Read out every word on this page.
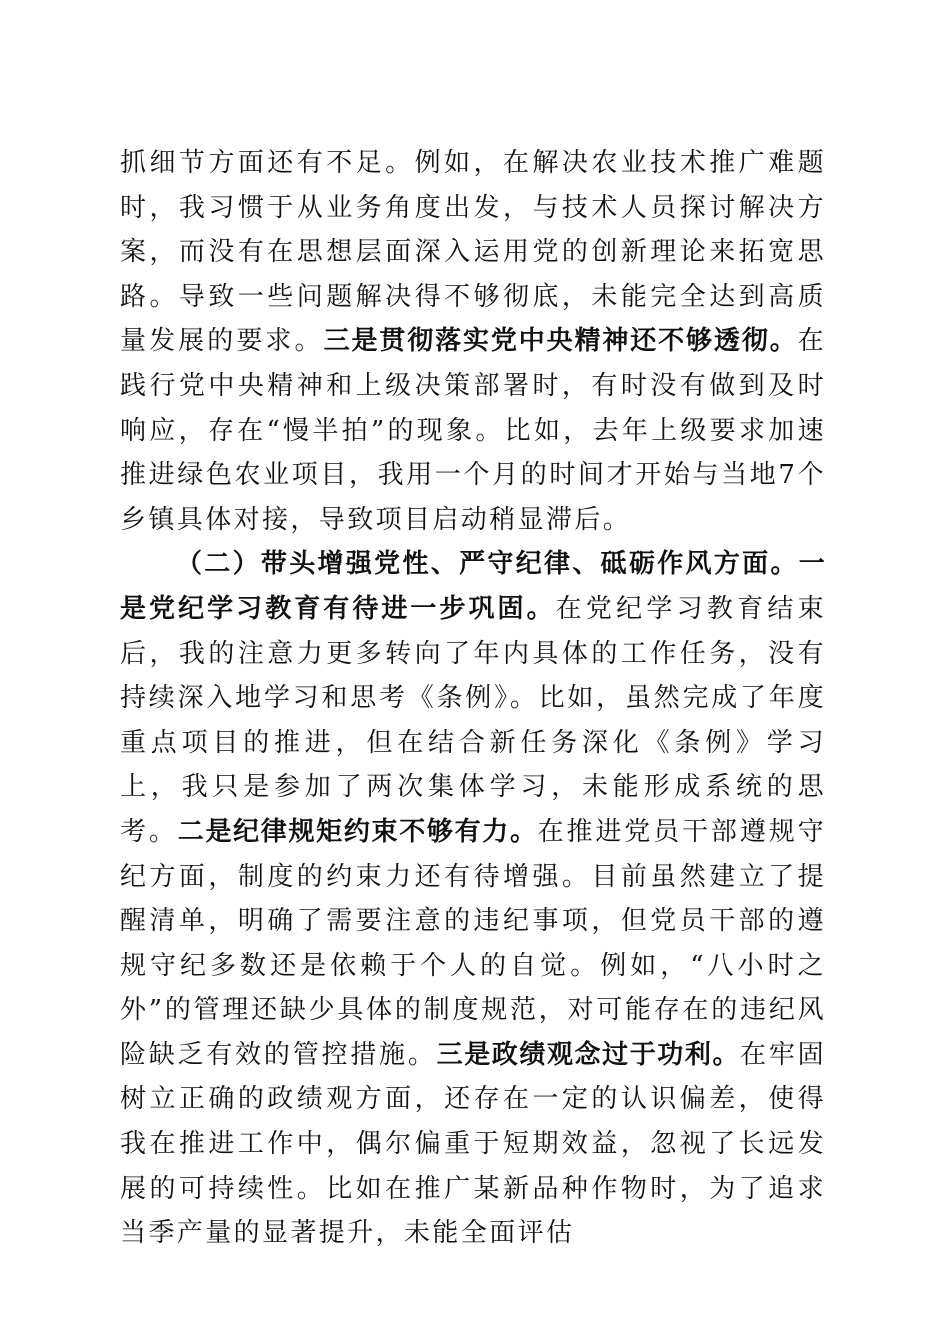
抓细节方面还有不足。例如，在解决农业技术推广难题时，我习惯于从业务角度出发，与技术人员探讨解决方案，而没有在思想层面深入运用党的创新理论来拓宽思路。导致一些问题解决得不够彻底，未能完全达到高质量发展的要求。三是贯彻落实党中央精神还不够透彻。在践行党中央精神和上级决策部署时，有时没有做到及时响应，存在“慢半拍”的现象。比如，去年上级要求加速推进绿色农业项目，我用一个月的时间才开始与当地7个乡镇具体对接，导致项目启动稍显滞后。

（二）带头增强党性、严守纪律、砥砺作风方面。一是党纪学习教育有待进一步巩固。在党纪学习教育结束后，我的注意力更多转向了年内具体的工作任务，没有持续深入地学习和思考《条例》。比如，虽然完成了年度重点项目的推进，但在结合新任务深化《条例》学习上，我只是参加了两次集体学习，未能形成系统的思考。二是纪律规矩约束不够有力。在推进党员干部遵规守纪方面，制度的约束力还有待增强。目前虽然建立了提醒清单，明确了需要注意的违纪事项，但党员干部的遵规守纪多数还是依赖于个人的自觉。例如，“八小时之外”的管理还缺少具体的制度规范，对可能存在的违纪风险缺乏有效的管控措施。三是政绩观念过于功利。在牢固树立正确的政绩观方面，还存在一定的认识偏差，使得我在推进工作中，偶尔偏重于短期效益，忽视了长远发展的可持续性。比如在推广某新品种作物时，为了追求当季产量的显著提升，未能全面评估
